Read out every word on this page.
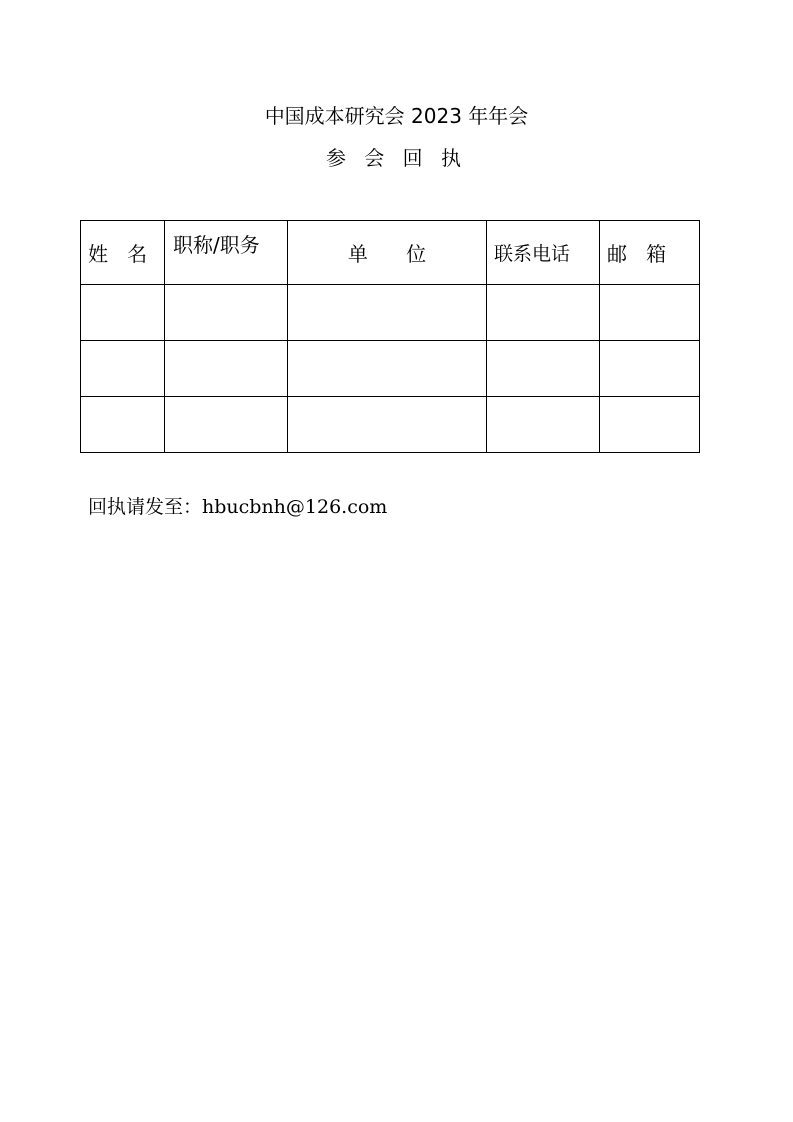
中国成本研究会 2023 年年会
参 会 回 执
姓   名	职称/职务	单      位	联系电话	邮   箱

回执请发至：hbucbnh@126.com
